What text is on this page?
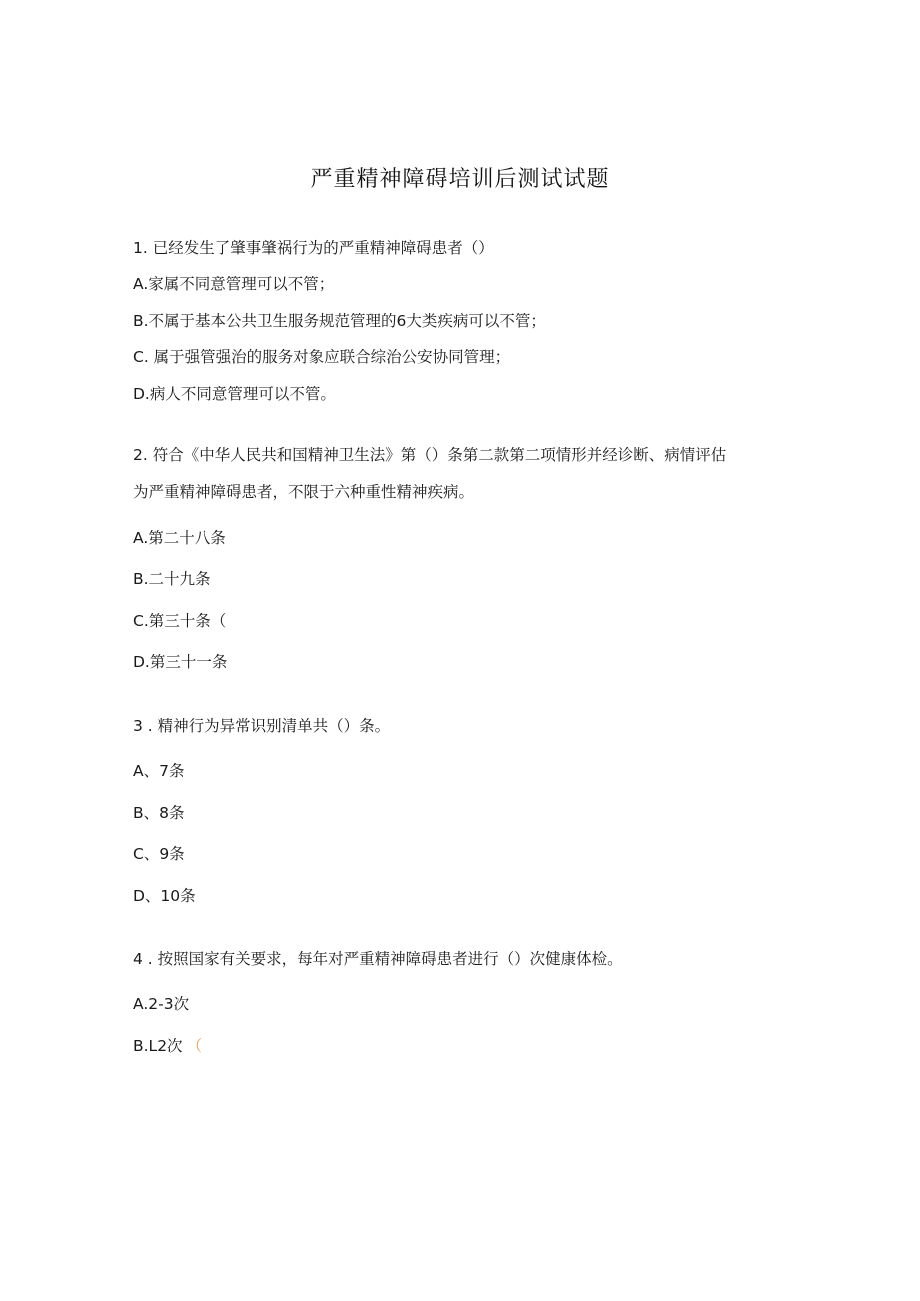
严重精神障碍培训后测试试题
1. 已经发生了肇事肇祸行为的严重精神障碍患者（）
A.家属不同意管理可以不管；
B.不属于基本公共卫生服务规范管理的6大类疾病可以不管；
C. 属于强管强治的服务对象应联合综治公安协同管理；
D.病人不同意管理可以不管。
2. 符合《中华人民共和国精神卫生法》第（）条第二款第二项情形并经诊断、病情评估
为严重精神障碍患者，不限于六种重性精神疾病。
A.第二十八条
B.二十九条
C.第三十条（
D.第三十一条
3 . 精神行为异常识别清单共（）条。
A、7条
B、8条
C、9条
D、10条
4 . 按照国家有关要求，每年对严重精神障碍患者进行（）次健康体检。
A.2-3次
B.L2次 （
